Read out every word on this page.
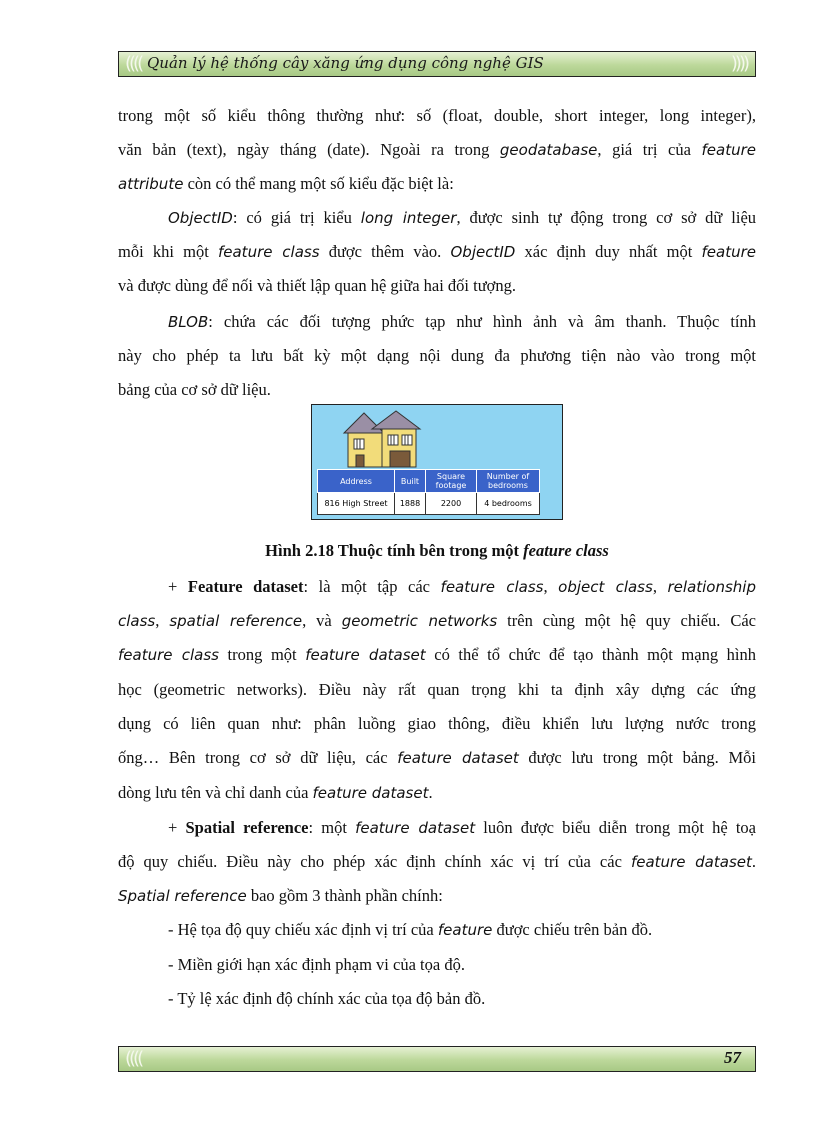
(((( Quản lý hệ thống cây xăng ứng dụng công nghệ GIS	))))
trong một số kiểu thông thường như: số (float, double, short integer, long integer),
văn bản (text), ngày tháng (date). Ngoài ra trong geodatabase, giá trị của feature
attribute còn có thể mang một số kiểu đặc biệt là:
ObjectID: có giá trị kiểu long integer, được sinh tự động trong cơ sở dữ liệu
mỗi khi một feature class được thêm vào. ObjectID xác định duy nhất một feature
và được dùng để nối và thiết lập quan hệ giữa hai đối tượng.
BLOB: chứa các đối tượng phức tạp như hình ảnh và âm thanh. Thuộc tính
này cho phép ta lưu bất kỳ một dạng nội dung đa phương tiện nào vào trong một
bảng của cơ sở dữ liệu.
Address	Built	Square footage	Number of bedrooms
816 High Street	1888	2200	4 bedrooms
Hình 2.18 Thuộc tính bên trong một feature class
+ Feature dataset: là một tập các feature class, object class, relationship
class, spatial reference, và geometric networks trên cùng một hệ quy chiếu. Các
feature class trong một feature dataset có thể tổ chức để tạo thành một mạng hình
học (geometric networks). Điều này rất quan trọng khi ta định xây dựng các ứng
dụng có liên quan như: phân luồng giao thông, điều khiển lưu lượng nước trong
ống… Bên trong cơ sở dữ liệu, các feature dataset được lưu trong một bảng. Mỗi
dòng lưu tên và chỉ danh của feature dataset.
+ Spatial reference: một feature dataset luôn được biểu diễn trong một hệ toạ
độ quy chiếu. Điều này cho phép xác định chính xác vị trí của các feature dataset.
Spatial reference bao gồm 3 thành phần chính:
- Hệ tọa độ quy chiếu xác định vị trí của feature được chiếu trên bản đồ.
- Miền giới hạn xác định phạm vi của tọa độ.
- Tỷ lệ xác định độ chính xác của tọa độ bản đồ.
((((	57
